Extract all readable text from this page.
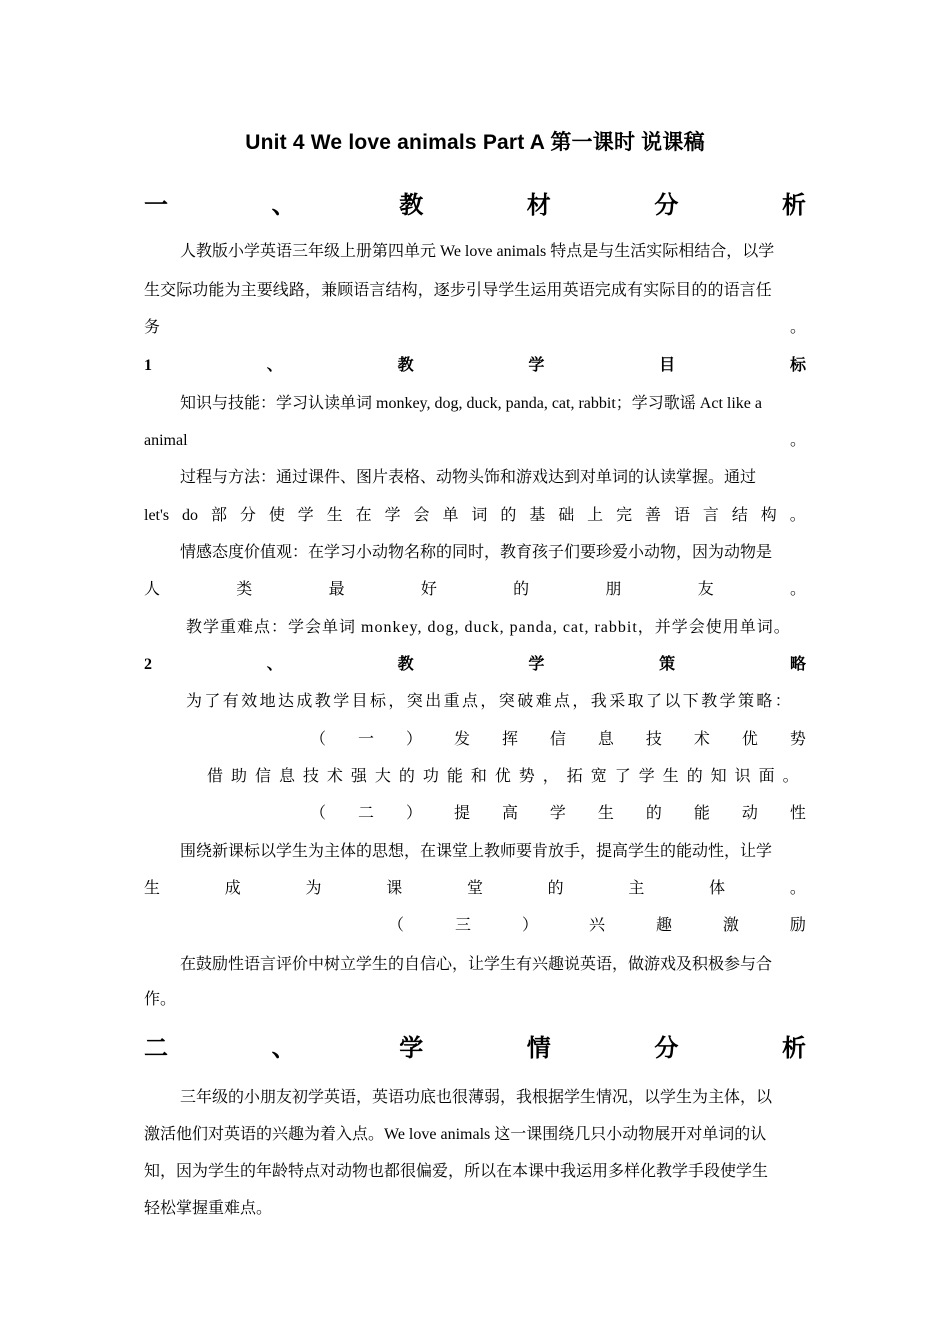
Unit 4 We love animals Part A 第一课时 说课稿
一	、	教	材	分	析
人教版小学英语三年级上册第四单元 We love animals 特点是与生活实际相结合，以学
生交际功能为主要线路，兼顾语言结构，逐步引导学生运用英语完成有实际目的的语言任
务	。
1	、	教	学	目	标
知识与技能：学习认读单词 monkey, dog, duck, panda, cat, rabbit；学习歌谣 Act like a
animal	。
过程与方法：通过课件、图片表格、动物头饰和游戏达到对单词的认读掌握。通过
let's do 部 分 使 学 生 在 学 会 单 词 的 基 础 上 完 善 语 言 结 构 。
情感态度价值观：在学习小动物名称的同时，教育孩子们要珍爱小动物，因为动物是
人	类	最	好	的	朋	友	。
教学重难点：学会单词 monkey, dog, duck, panda, cat, rabbit，并学会使用单词。
2	、	教	学	策	略
为了有效地达成教学目标，突出重点，突破难点，我采取了以下教学策略：
（ 一 ） 发 挥 信 息 技 术 优 势
借 助 信 息 技 术 强 大 的 功 能 和 优 势 ， 拓 宽 了 学 生 的 知 识 面 。
（ 二 ） 提 高 学 生 的 能 动 性
围绕新课标以学生为主体的思想，在课堂上教师要肯放手，提高学生的能动性，让学
生	成	为	课	堂	的	主	体	。
（	三	）	兴	趣	激	励
在鼓励性语言评价中树立学生的自信心，让学生有兴趣说英语，做游戏及积极参与合
作。
二	、	学	情	分	析
三年级的小朋友初学英语，英语功底也很薄弱，我根据学生情况，以学生为主体，以
激活他们对英语的兴趣为着入点。We love animals 这一课围绕几只小动物展开对单词的认
知，因为学生的年龄特点对动物也都很偏爱，所以在本课中我运用多样化教学手段使学生
轻松掌握重难点。
